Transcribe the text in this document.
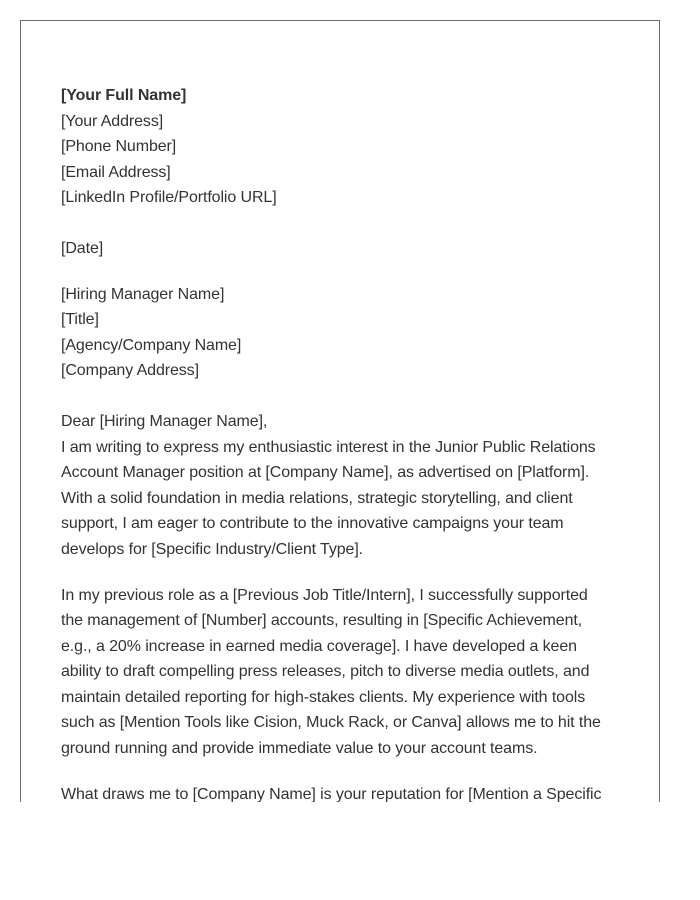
[Your Full Name]
[Your Address]
[Phone Number]
[Email Address]
[LinkedIn Profile/Portfolio URL]
[Date]
[Hiring Manager Name]
[Title]
[Agency/Company Name]
[Company Address]
Dear [Hiring Manager Name],

I am writing to express my enthusiastic interest in the Junior Public Relations
Account Manager position at [Company Name], as advertised on [Platform].
With a solid foundation in media relations, strategic storytelling, and client
support, I am eager to contribute to the innovative campaigns your team
develops for [Specific Industry/Client Type].

In my previous role as a [Previous Job Title/Intern], I successfully supported
the management of [Number] accounts, resulting in [Specific Achievement,
e.g., a 20% increase in earned media coverage]. I have developed a keen
ability to draft compelling press releases, pitch to diverse media outlets, and
maintain detailed reporting for high-stakes clients. My experience with tools
such as [Mention Tools like Cision, Muck Rack, or Canva] allows me to hit the
ground running and provide immediate value to your account teams.

What draws me to [Company Name] is your reputation for [Mention a Specific
